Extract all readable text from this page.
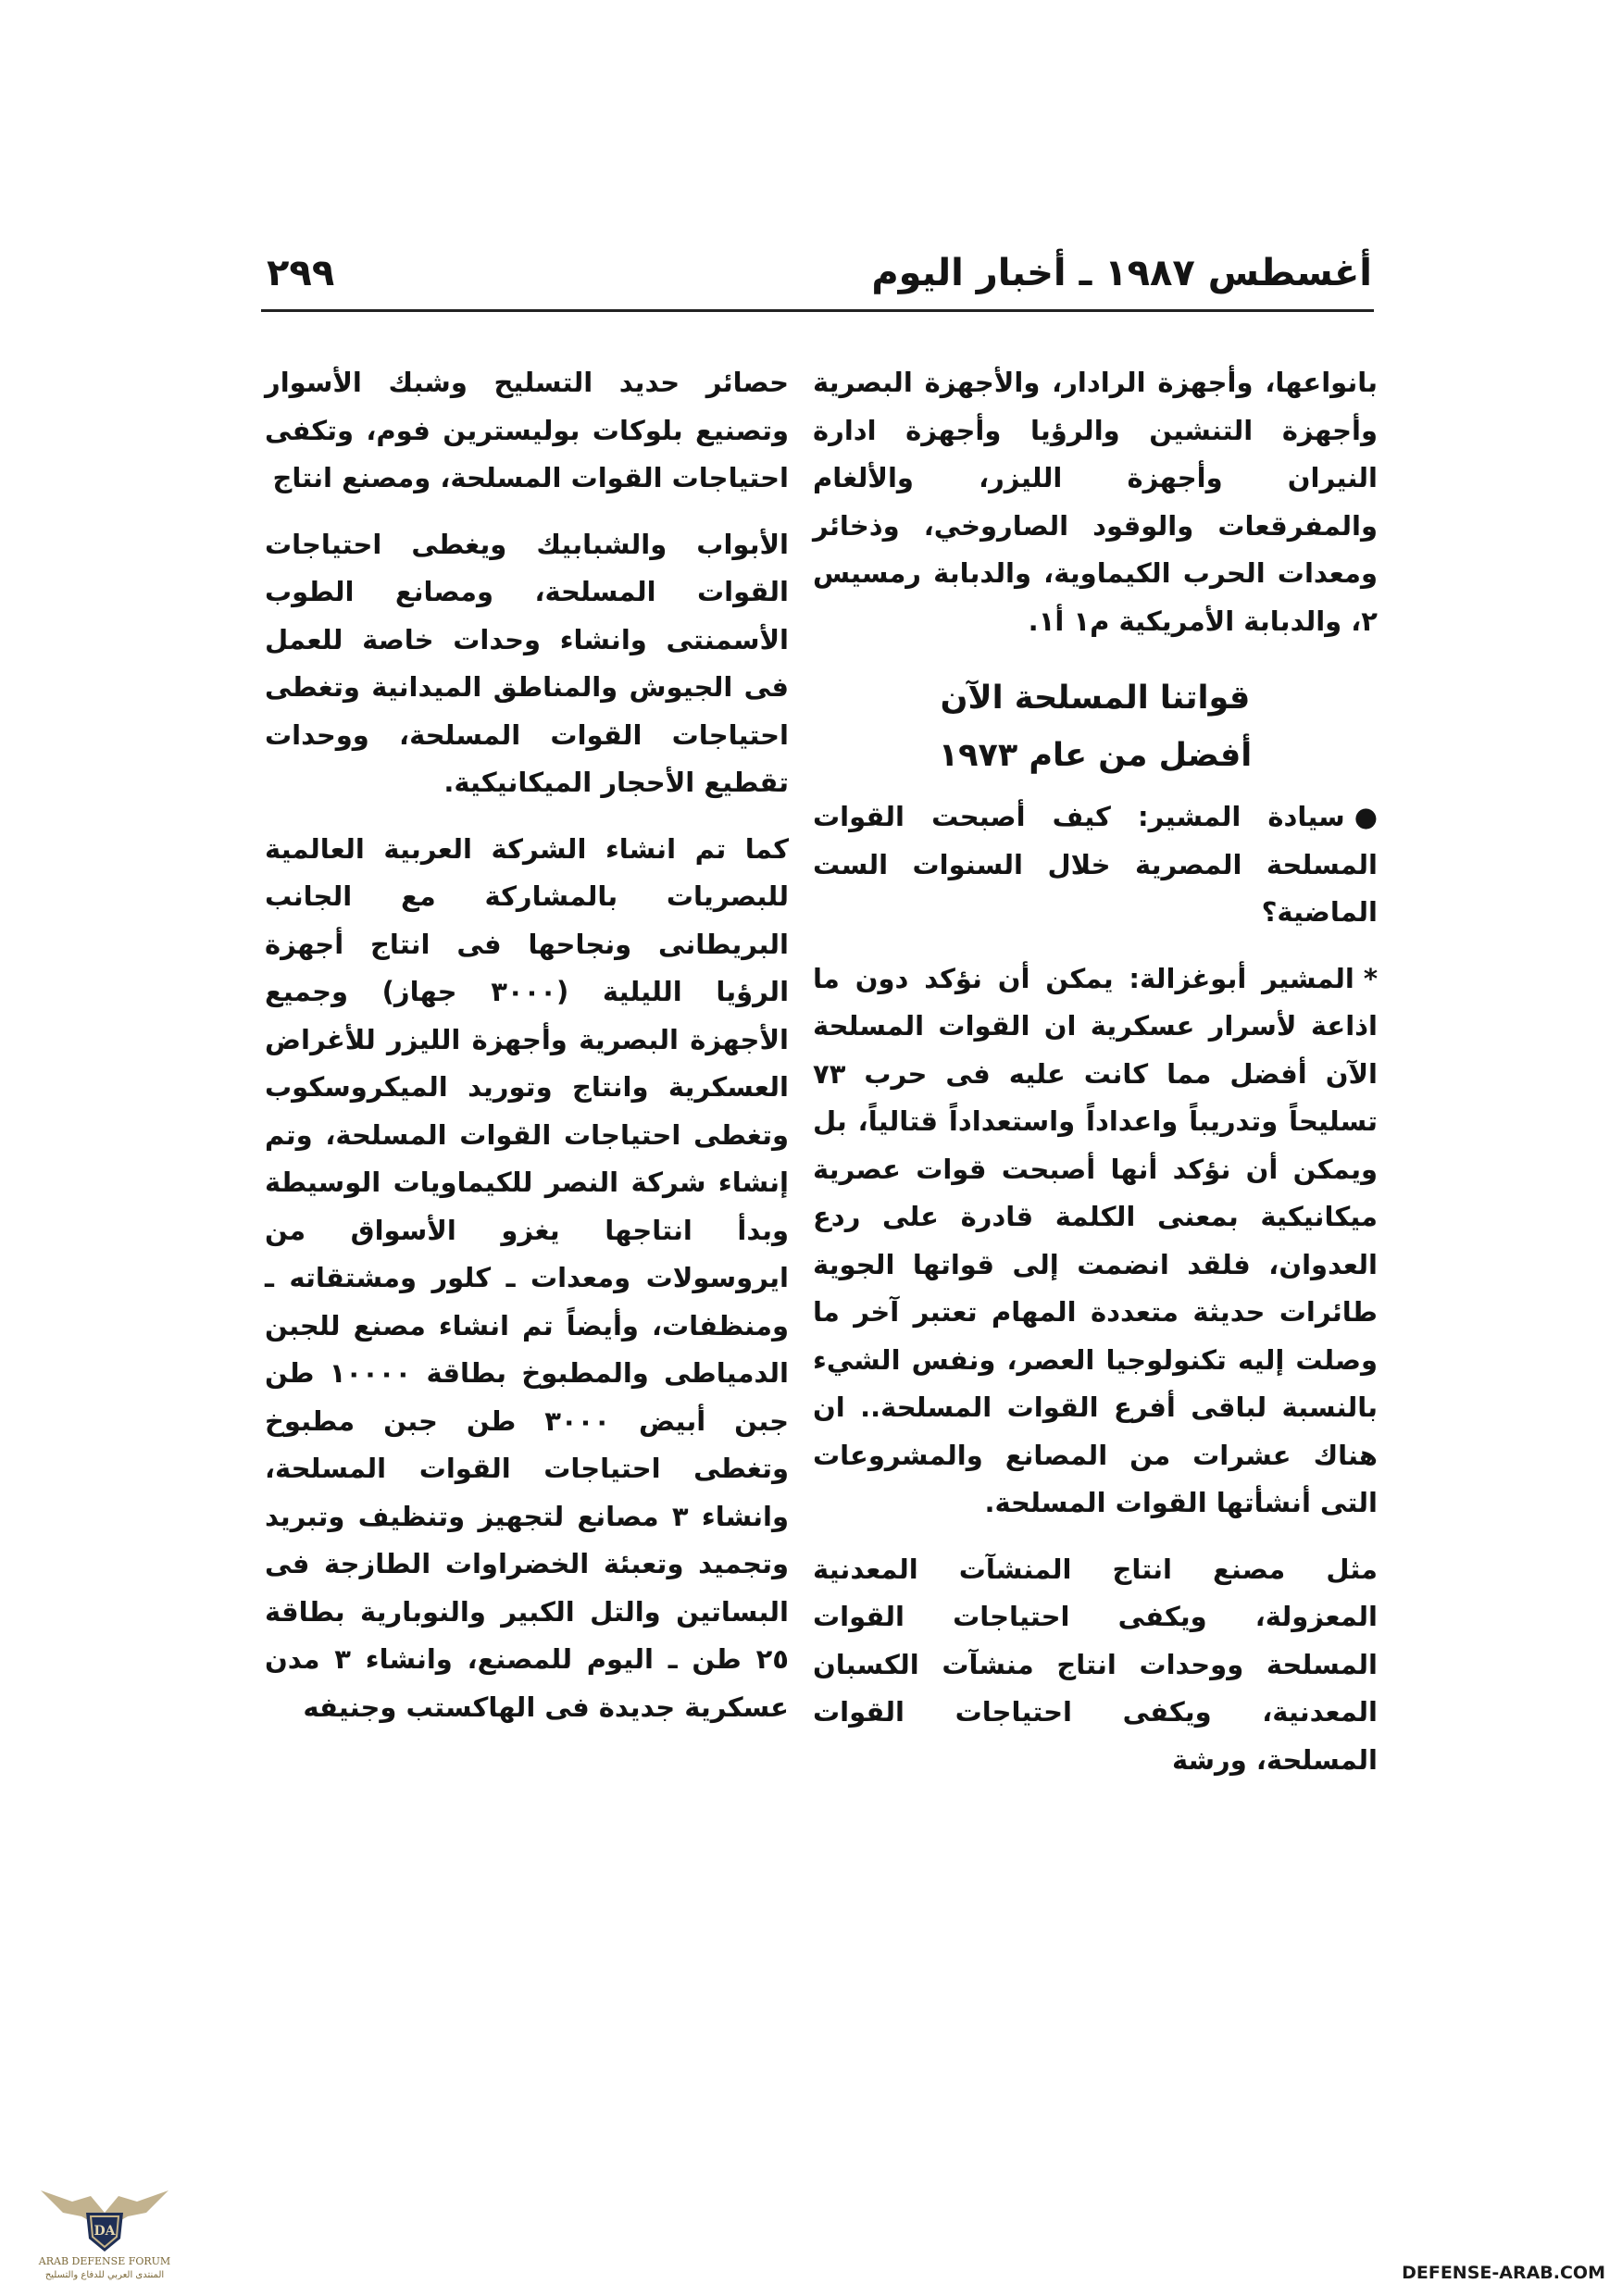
أغسطس ١٩٨٧ ـ أخبار اليوم
٢٩٩

بانواعها، وأجهزة الرادار، والأجهزة البصرية وأجهزة التنشين والرؤيا وأجهزة ادارة النيران وأجهزة الليزر، والألغام والمفرقعات والوقود الصاروخي، وذخائر ومعدات الحرب الكيماوية، والدبابة رمسيس ٢، والدبابة الأمريكية م١ أ١.

قواتنا المسلحة الآن
أفضل من عام ١٩٧٣

●سيادة المشير: كيف أصبحت القوات المسلحة المصرية خلال السنوات الست الماضية؟

*المشير أبوغزالة: يمكن أن نؤكد دون ما اذاعة لأسرار عسكرية ان القوات المسلحة الآن أفضل مما كانت عليه فى حرب ٧٣ تسليحاً وتدريباً واعداداً واستعداداً قتالياً، بل ويمكن أن نؤكد أنها أصبحت قوات عصرية ميكانيكية بمعنى الكلمة قادرة على ردع العدوان، فلقد انضمت إلى قواتها الجوية طائرات حديثة متعددة المهام تعتبر آخر ما وصلت إليه تكنولوجيا العصر، ونفس الشيء بالنسبة لباقى أفرع القوات المسلحة.. ان هناك عشرات من المصانع والمشروعات التى أنشأتها القوات المسلحة.

مثل مصنع انتاج المنشآت المعدنية المعزولة، ويكفى احتياجات القوات المسلحة ووحدات انتاج منشآت الكسبان المعدنية، ويكفى احتياجات القوات المسلحة، ورشة

حصائر حديد التسليح وشبك الأسوار وتصنيع بلوكات بوليسترين فوم، وتكفى احتياجات القوات المسلحة، ومصنع انتاج

الأبواب والشبابيك ويغطى احتياجات القوات المسلحة، ومصانع الطوب الأسمنتى وانشاء وحدات خاصة للعمل فى الجيوش والمناطق الميدانية وتغطى احتياجات القوات المسلحة، ووحدات تقطيع الأحجار الميكانيكية.

كما تم انشاء الشركة العربية العالمية للبصريات بالمشاركة مع الجانب البريطانى ونجاحها فى انتاج أجهزة الرؤيا الليلية (٣٠٠٠ جهاز) وجميع الأجهزة البصرية وأجهزة الليزر للأغراض العسكرية وانتاج وتوريد الميكروسكوب وتغطى احتياجات القوات المسلحة، وتم إنشاء شركة النصر للكيماويات الوسيطة وبدأ انتاجها يغزو الأسواق من ايروسولات ومعدات ـ كلور ومشتقاته ـ ومنظفات، وأيضاً تم انشاء مصنع للجبن الدمياطى والمطبوخ بطاقة ١٠٠٠٠ طن جبن أبيض ٣٠٠٠ طن جبن مطبوخ وتغطى احتياجات القوات المسلحة، وانشاء ٣ مصانع لتجهيز وتنظيف وتبريد وتجميد وتعبئة الخضراوات الطازجة فى البساتين والتل الكبير والنوبارية بطاقة ٢٥ طن ـ اليوم للمصنع، وانشاء ٣ مدن عسكرية جديدة فى الهاكستب وجنيفه

DA
ARAB DEFENSE FORUM
المنتدى العربي للدفاع والتسليح	DEFENSE-ARAB.COM
